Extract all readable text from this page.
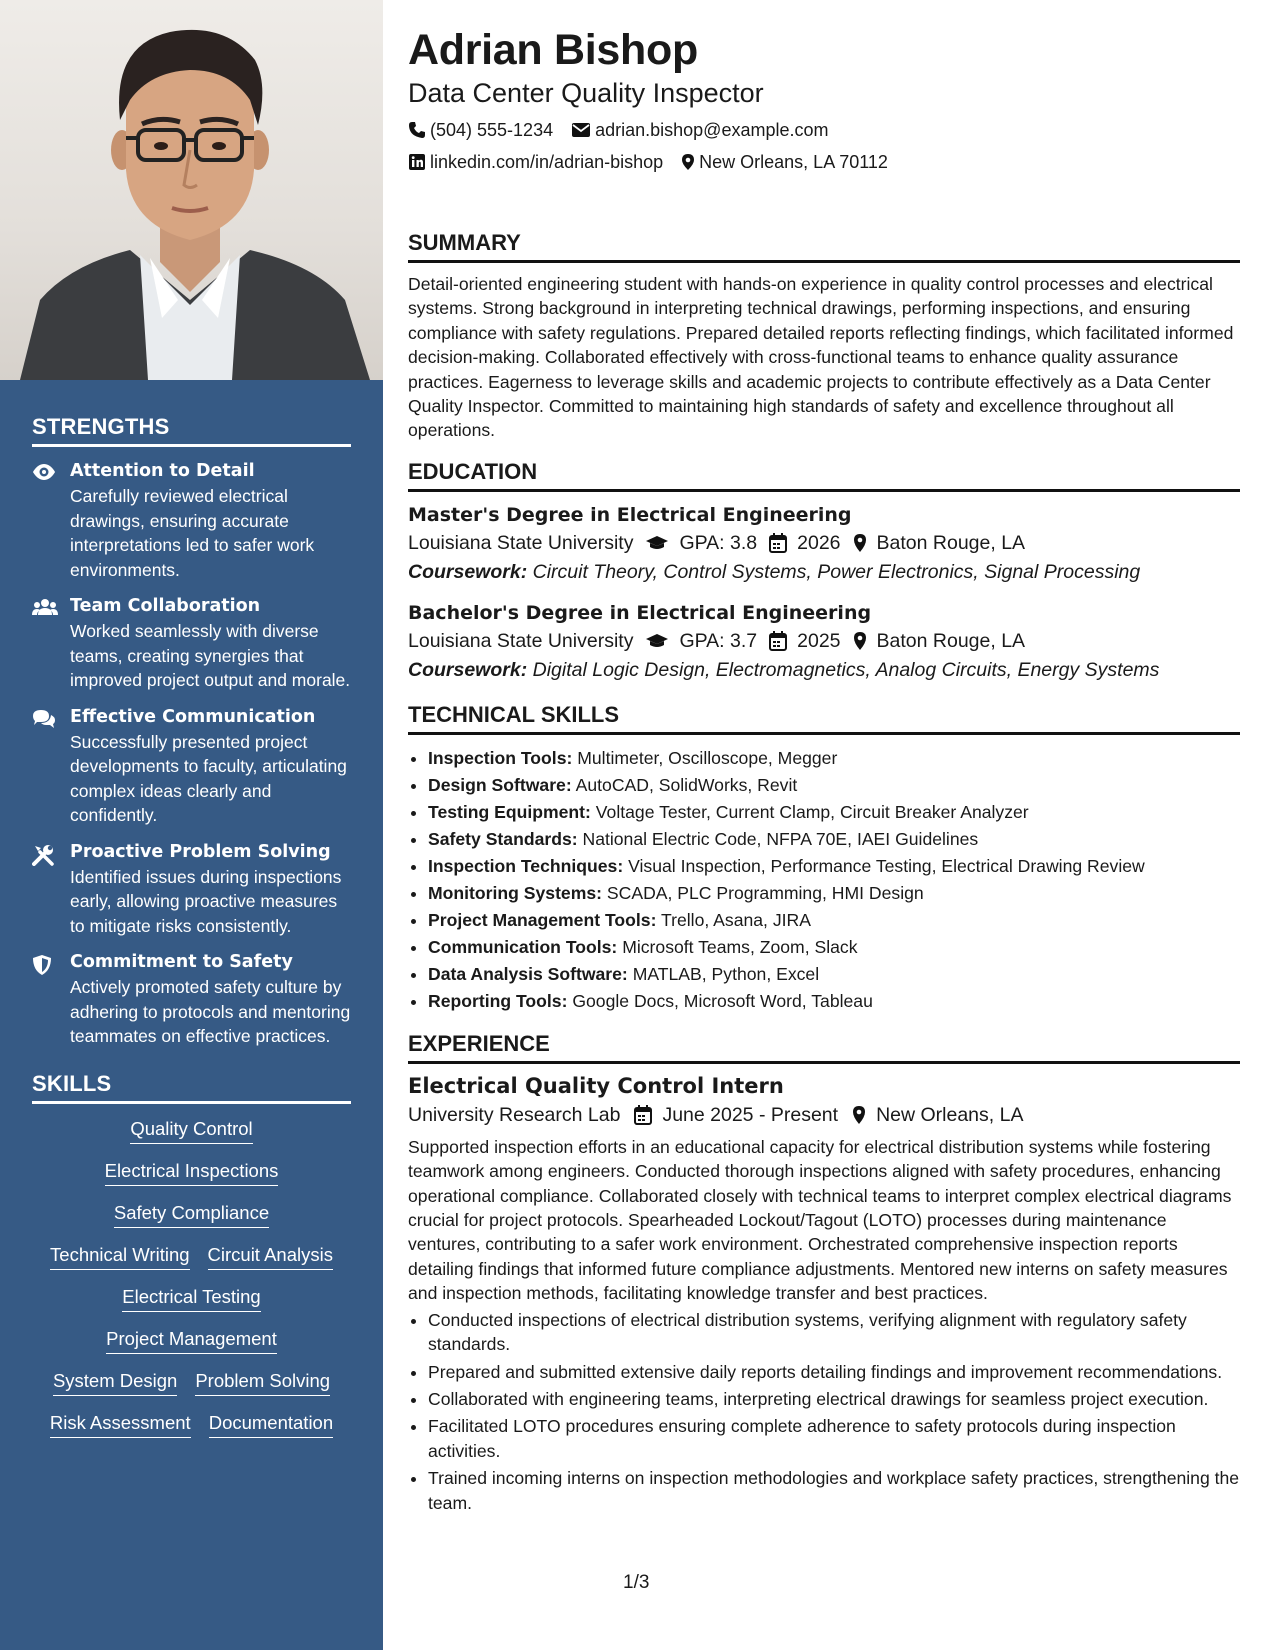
STRENGTHS
Attention to Detail
Carefully reviewed electrical drawings, ensuring accurate interpretations led to safer work environments.
Team Collaboration
Worked seamlessly with diverse teams, creating synergies that improved project output and morale.
Effective Communication
Successfully presented project developments to faculty, articulating complex ideas clearly and confidently.
Proactive Problem Solving
Identified issues during inspections early, allowing proactive measures to mitigate risks consistently.
Commitment to Safety
Actively promoted safety culture by adhering to protocols and mentoring teammates on effective practices.
SKILLS
Quality Control
Electrical Inspections
Safety Compliance
Technical Writing Circuit Analysis
Electrical Testing
Project Management
System Design Problem Solving
Risk Assessment Documentation
Adrian Bishop
Data Center Quality Inspector
(504) 555-1234 adrian.bishop@example.com
linkedin.com/in/adrian-bishop New Orleans, LA 70112
SUMMARY
Detail-oriented engineering student with hands-on experience in quality control processes and electrical systems. Strong background in interpreting technical drawings, performing inspections, and ensuring compliance with safety regulations. Prepared detailed reports reflecting findings, which facilitated informed decision-making. Collaborated effectively with cross-functional teams to enhance quality assurance practices. Eagerness to leverage skills and academic projects to contribute effectively as a Data Center Quality Inspector. Committed to maintaining high standards of safety and excellence throughout all operations.
EDUCATION
Master's Degree in Electrical Engineering
Louisiana State University GPA: 3.8 2026 Baton Rouge, LA
Coursework: Circuit Theory, Control Systems, Power Electronics, Signal Processing
Bachelor's Degree in Electrical Engineering
Louisiana State University GPA: 3.7 2025 Baton Rouge, LA
Coursework: Digital Logic Design, Electromagnetics, Analog Circuits, Energy Systems
TECHNICAL SKILLS
• Inspection Tools: Multimeter, Oscilloscope, Megger
• Design Software: AutoCAD, SolidWorks, Revit
• Testing Equipment: Voltage Tester, Current Clamp, Circuit Breaker Analyzer
• Safety Standards: National Electric Code, NFPA 70E, IAEI Guidelines
• Inspection Techniques: Visual Inspection, Performance Testing, Electrical Drawing Review
• Monitoring Systems: SCADA, PLC Programming, HMI Design
• Project Management Tools: Trello, Asana, JIRA
• Communication Tools: Microsoft Teams, Zoom, Slack
• Data Analysis Software: MATLAB, Python, Excel
• Reporting Tools: Google Docs, Microsoft Word, Tableau
EXPERIENCE
Electrical Quality Control Intern
University Research Lab June 2025 - Present New Orleans, LA
Supported inspection efforts in an educational capacity for electrical distribution systems while fostering teamwork among engineers. Conducted thorough inspections aligned with safety procedures, enhancing operational compliance. Collaborated closely with technical teams to interpret complex electrical diagrams crucial for project protocols. Spearheaded Lockout/Tagout (LOTO) processes during maintenance ventures, contributing to a safer work environment. Orchestrated comprehensive inspection reports detailing findings that informed future compliance adjustments. Mentored new interns on safety measures and inspection methods, facilitating knowledge transfer and best practices.
• Conducted inspections of electrical distribution systems, verifying alignment with regulatory safety standards.
• Prepared and submitted extensive daily reports detailing findings and improvement recommendations.
• Collaborated with engineering teams, interpreting electrical drawings for seamless project execution.
• Facilitated LOTO procedures ensuring complete adherence to safety protocols during inspection activities.
• Trained incoming interns on inspection methodologies and workplace safety practices, strengthening the team.
1/3
